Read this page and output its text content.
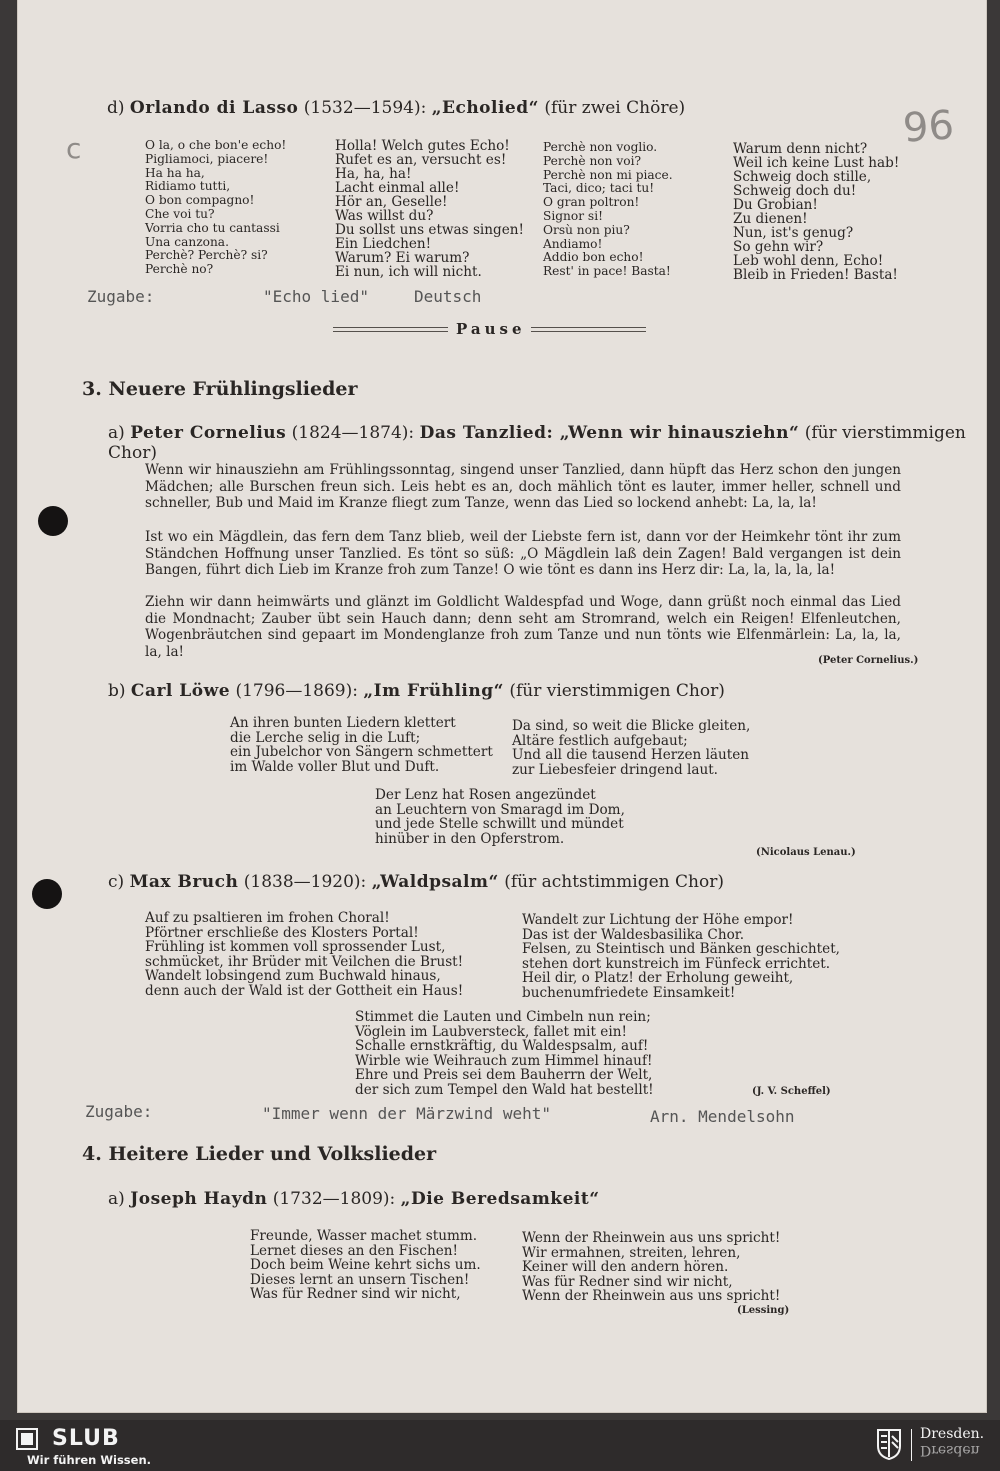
96
c
d) Orlando di Lasso (1532—1594): „Echolied“ (für zwei Chöre)
O la, o che bon'e echo!
Pigliamoci, piacere!
Ha ha ha,
Ridiamo tutti,
O bon compagno!
Che voi tu?
Vorria cho tu cantassi
Una canzona.
Perchè? Perchè? si?
Perchè no?
Holla! Welch gutes Echo!
Rufet es an, versucht es!
Ha, ha, ha!
Lacht einmal alle!
Hör an, Geselle!
Was willst du?
Du sollst uns etwas singen!
Ein Liedchen!
Warum? Ei warum?
Ei nun, ich will nicht.
Perchè non voglio.
Perchè non voi?
Perchè non mi piace.
Taci, dico; taci tu!
O gran poltron!
Signor si!
Orsù non piu?
Andiamo!
Addio bon echo!
Rest' in pace! Basta!
Warum denn nicht?
Weil ich keine Lust hab!
Schweig doch stille,
Schweig doch du!
Du Grobian!
Zu dienen!
Nun, ist's genug?
So gehn wir?
Leb wohl denn, Echo!
Bleib in Frieden! Basta!
Zugabe:	"Echo lied"	Deutsch
Pause
3. Neuere Frühlingslieder
a) Peter Cornelius (1824—1874): Das Tanzlied: „Wenn wir hinausziehn“ (für vierstimmigen Chor)
Wenn wir hinausziehn am Frühlingssonntag, singend unser Tanzlied, dann hüpft das Herz schon den jungen Mädchen; alle Burschen freun sich. Leis hebt es an, doch mählich tönt es lauter, immer heller, schnell und schneller, Bub und Maid im Kranze fliegt zum Tanze, wenn das Lied so lockend anhebt: La, la, la!
Ist wo ein Mägdlein, das fern dem Tanz blieb, weil der Liebste fern ist, dann vor der Heimkehr tönt ihr zum Ständchen Hoffnung unser Tanzlied. Es tönt so süß: „O Mägdlein laß dein Zagen! Bald vergangen ist dein Bangen, führt dich Lieb im Kranze froh zum Tanze! O wie tönt es dann ins Herz dir: La, la, la, la, la!
Ziehn wir dann heimwärts und glänzt im Goldlicht Waldespfad und Woge, dann grüßt noch einmal das Lied die Mondnacht; Zauber übt sein Hauch dann; denn seht am Stromrand, welch ein Reigen! Elfenleutchen, Wogenbräutchen sind gepaart im Mondenglanze froh zum Tanze und nun tönts wie Elfenmärlein: La, la, la, la, la!
(Peter Cornelius.)
b) Carl Löwe (1796—1869): „Im Frühling“ (für vierstimmigen Chor)
An ihren bunten Liedern klettert
die Lerche selig in die Luft;
ein Jubelchor von Sängern schmettert
im Walde voller Blut und Duft.
Da sind, so weit die Blicke gleiten,
Altäre festlich aufgebaut;
Und all die tausend Herzen läuten
zur Liebesfeier dringend laut.
Der Lenz hat Rosen angezündet
an Leuchtern von Smaragd im Dom,
und jede Stelle schwillt und mündet
hinüber in den Opferstrom.
(Nicolaus Lenau.)
c) Max Bruch (1838—1920): „Waldpsalm“ (für achtstimmigen Chor)
Auf zu psaltieren im frohen Choral!
Pförtner erschließe des Klosters Portal!
Frühling ist kommen voll sprossender Lust,
schmücket, ihr Brüder mit Veilchen die Brust!
Wandelt lobsingend zum Buchwald hinaus,
denn auch der Wald ist der Gottheit ein Haus!
Wandelt zur Lichtung der Höhe empor!
Das ist der Waldesbasilika Chor.
Felsen, zu Steintisch und Bänken geschichtet,
stehen dort kunstreich im Fünfeck errichtet.
Heil dir, o Platz! der Erholung geweiht,
buchenumfriedete Einsamkeit!
Stimmet die Lauten und Cimbeln nun rein;
Vöglein im Laubversteck, fallet mit ein!
Schalle ernstkräftig, du Waldespsalm, auf!
Wirble wie Weihrauch zum Himmel hinauf!
Ehre und Preis sei dem Bauherrn der Welt,
der sich zum Tempel den Wald hat bestellt!	(J. V. Scheffel)
Zugabe:	"Immer wenn der Märzwind weht"	Arn. Mendelsohn
4. Heitere Lieder und Volkslieder
a) Joseph Haydn (1732—1809): „Die Beredsamkeit“
Freunde, Wasser machet stumm.
Lernet dieses an den Fischen!
Doch beim Weine kehrt sichs um.
Dieses lernt an unsern Tischen!
Was für Redner sind wir nicht,
Wenn der Rheinwein aus uns spricht!
Wir ermahnen, streiten, lehren,
Keiner will den andern hören.
Was für Redner sind wir nicht,
Wenn der Rheinwein aus uns spricht!
(Lessing)
SLUB
Wir führen Wissen.
Dresden.
Dresden
